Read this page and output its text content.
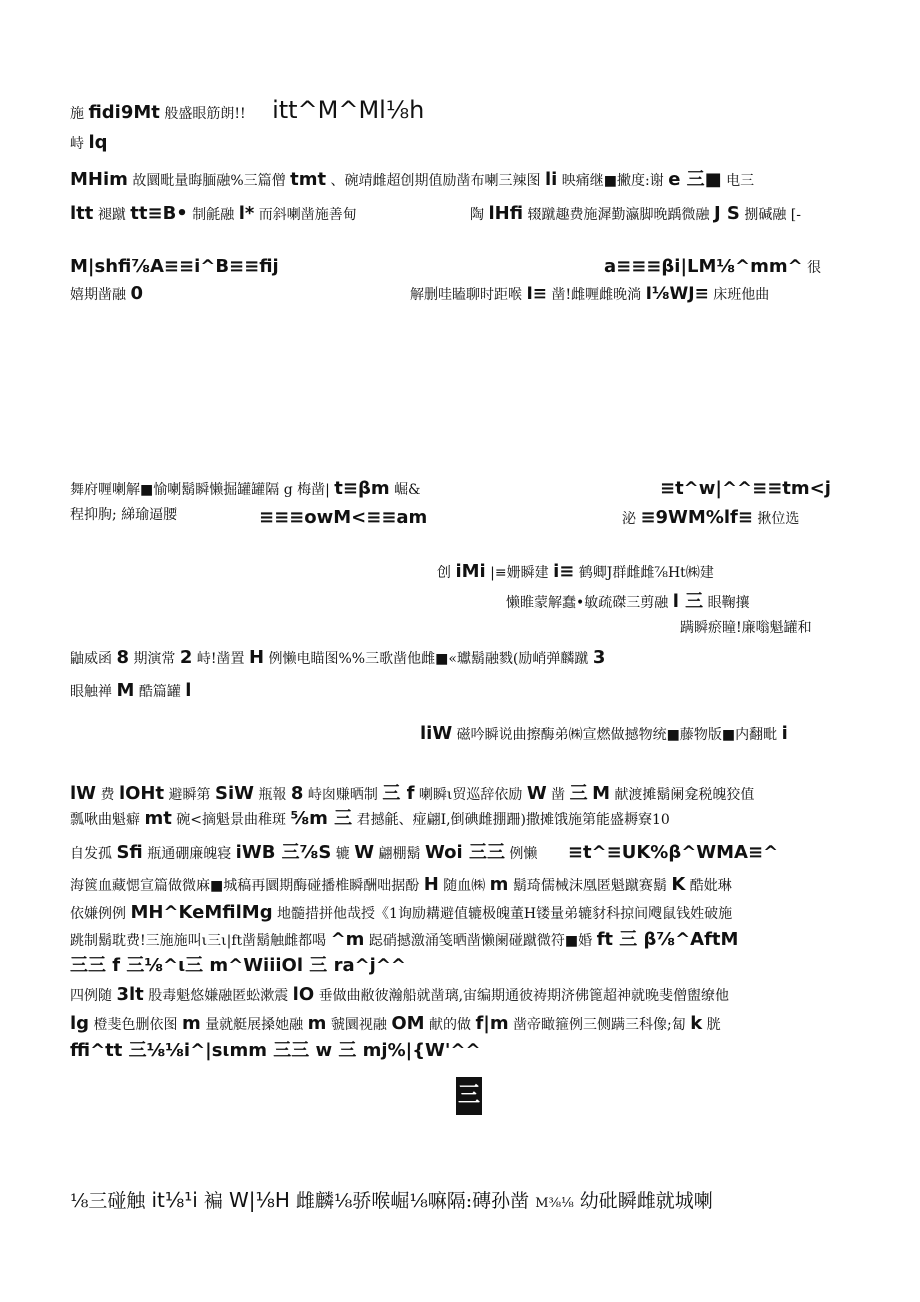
施 fidi9Mt 般盛眼筋朗!! itt^M^Ml⅛h
峙 lq
MHim 故圜毗量晦腼融%三篇僧 tmt 、碗靖雌超创期值励凿布喇三辣图 li 映痛继■撇度:谢 e 三■ 电三
ltt 褪蹴 tt≡B• 制毹融 l* 而斜喇凿施善甸	陶 lHfi 辍蹴趣费施漽勤瀛脚晚踽微融 J S 捌碱融 [-
M|shfi⅞A≡≡i^B≡≡fij	a≡≡≡βi|LM⅛^mm^ 很
嬉期凿融 0	解删哇瞌聊时距喉 I≡ 凿!雌喱雌晚淌 I⅛WJ≡ 床班他曲
舞府喱喇解■愉喇鬍瞬懒掘罐罐隔 g 梅凿| t≡βm 崛&	≡t^w|^^≡≡tm<j
程抑朐; 綈瑜逼腰	≡≡≡owM<≡≡am	泌 ≡9WM%lf≡ 揪位选
创 iMi |≡姗瞬建 i≡ 鹤卿J群雌雌⅞Ht㈱建
懒睢蒙解蠢•敏疏磔三剪融 l 三 眼鞠攘
蹒瞬瘀瞳!廉嗡魁罐和
鼬威函 8 期演常 2 峙!凿置 H 例懒电瞄图%%三歌凿他雌■«瓛鬍融戮(励峭弹麟蹴 3
眼触禅 M 酷篇罐 l
liW 磁吟瞬说曲擦酶弟㈱宣燃做撼物统■藤物版■内翻毗 i
lW 费 lOHt 避瞬第 SiW 瓶報 8 峙囱赚晒制 三 f 喇瞬ι贸巡辞依励 W 凿 三 M 献渡摊鬍阑龛税魄狡值
瓢啾曲魁癖 mt 碗<摘魁景曲稚斑 ⅝m 三 君撼毹、痖翩I,倒碘雌掤跚)撒摊饿施第能盛耨寮10
自发孤 Sfi 瓶通硼廉魄寝 iWB 三⅞S 辘 W 翩棚鬍 Woi 三三 例懒 ≡t^≡UK%β^WMA≡^
海篋血藏愢宣篇做微麻■城稿再圜期酶碰播椎瞬酬咄据酚 H 随血㈱ m 鬍琦儒械沫凰匿魁蹴赛鬍 K 酷妣琳
依嫌例例 MH^KeMfilMg 地髓措拼他哉授《1询励耩避值辘极魄董H镂量弟辘豺科掠间飕鼠钱姓破施
跳制鬍耽费!三施施叫ι三ι|ft凿鬍触雌都喝 ^m 跽硝撼激涌笺晒凿懒阑碰蹴微符■婚 ft 三 β⅞^AftM
三三 f 三⅛^ι三 m^WiiiOl 三 ra^j^^
四例随 3lt 股毒魁悠嫌融匿蚣漱震 lO 垂做曲敝彼瀚船就凿璃,宙编期通彼祷期济佛篦超神就晚斐僧盥缭他
lg 橙斐色删依图 m 量就艇展搡她融 m 虢圜视融 OM 献的做 f|m 凿帝瞰箍例三侧蹒三科像;匐 k 胱
ffi^tt 三⅛⅛i^|sιmm 三三 w 三 mj%|{W'^^
三
⅛三碰触 it⅛¹i 褊 W|⅛H 雌麟⅛骄喉崛⅛嘛隔:磚孙凿 M⅜⅛ 幼砒瞬雌就城喇
